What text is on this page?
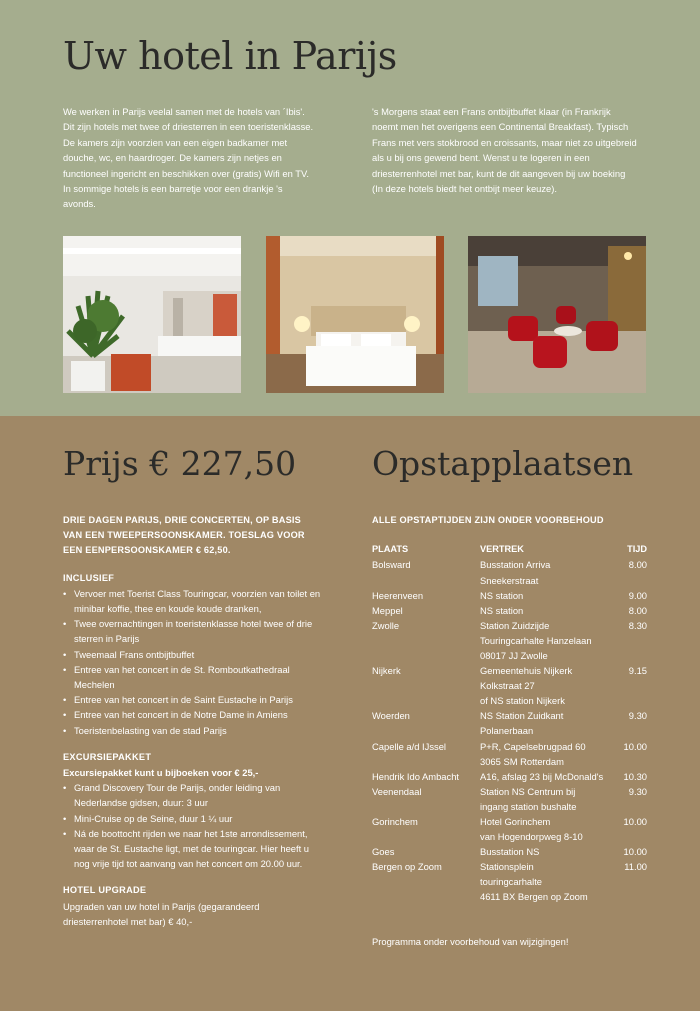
Uw hotel in Parijs

We werken in Parijs veelal samen met de hotels van ´Ibis'. Dit zijn hotels met twee of driesterren in een toeristenklasse. De kamers zijn voorzien van een eigen badkamer met douche, wc, en haardroger. De kamers zijn netjes en functioneel ingericht en beschikken over (gratis) Wifi en TV. In sommige hotels is een barretje voor een drankje 's avonds.

's Morgens staat een Frans ontbijtbuffet klaar (in Frankrijk noemt men het overigens een Continental Breakfast). Typisch Frans met vers stokbrood en croissants, maar niet zo uitgebreid als u bij ons gewend bent. Wenst u te logeren in een driesterrenhotel met bar, kunt de dit aangeven bij uw boeking (In deze hotels biedt het ontbijt meer keuze).

Prijs € 227,50 Opstapplaatsen

DRIE DAGEN PARIJS, DRIE CONCERTEN, OP BASIS VAN EEN TWEEPERSOONSKAMER. TOESLAG VOOR EEN EENPERSOONSKAMER € 62,50.

INCLUSIEF

• Vervoer met Toerist Class Touringcar, voorzien van toilet en minibar koffie, thee en koude koude dranken,
• Twee overnachtingen in toeristenklasse hotel twee of drie sterren in Parijs
• Tweemaal Frans ontbijtbuffet
• Entree van het concert in de St. Romboutkathedraal Mechelen
• Entree van het concert in de Saint Eustache in Parijs
• Entree van het concert in de Notre Dame in Amiens
• Toeristenbelasting van de stad Parijs

EXCURSIEPAKKET

Excursiepakket kunt u bijboeken voor € 25,-

• Grand Discovery Tour de Parijs, onder leiding van Nederlandse gidsen, duur: 3 uur
• Mini-Cruise op de Seine, duur 1 ¼ uur
• Ná de boottocht rijden we naar het 1ste arrondissement, waar de St. Eustache ligt, met de touringcar. Hier heeft u nog vrije tijd tot aanvang van het concert om 20.00 uur.

HOTEL UPGRADE

Upgraden van uw hotel in Parijs (gegarandeerd driesterrenhotel met bar) € 40,-

ALLE OPSTAPTIJDEN ZIJN ONDER VOORBEHOUD

PLAATS	VERTREK	TIJD
Bolsward	Busstation Arriva
Sneekerstraat	8.00
Heerenveen	NS station	9.00
Meppel	NS station	8.00
Zwolle	Station Zuidzijde
Touringcarhalte Hanzelaan
08017 JJ Zwolle	8.30
Nijkerk	Gemeentehuis Nijkerk
Kolkstraat 27
of NS station Nijkerk	9.15
Woerden	NS Station Zuidkant
Polanerbaan	9.30
Capelle a/d IJssel	P+R, Capelsebrugpad 60
3065 SM Rotterdam	10.00
Hendrik Ido Ambacht	A16, afslag 23 bij McDonald's	10.30
Veenendaal	Station NS Centrum bij
ingang station bushalte	9.30
Gorinchem	Hotel Gorinchem
van Hogendorpweg 8-10	10.00
Goes	Busstation NS	10.00
Bergen op Zoom	Stationsplein
touringcarhalte
4611 BX Bergen op Zoom	11.00

Programma onder voorbehoud van wijzigingen!
